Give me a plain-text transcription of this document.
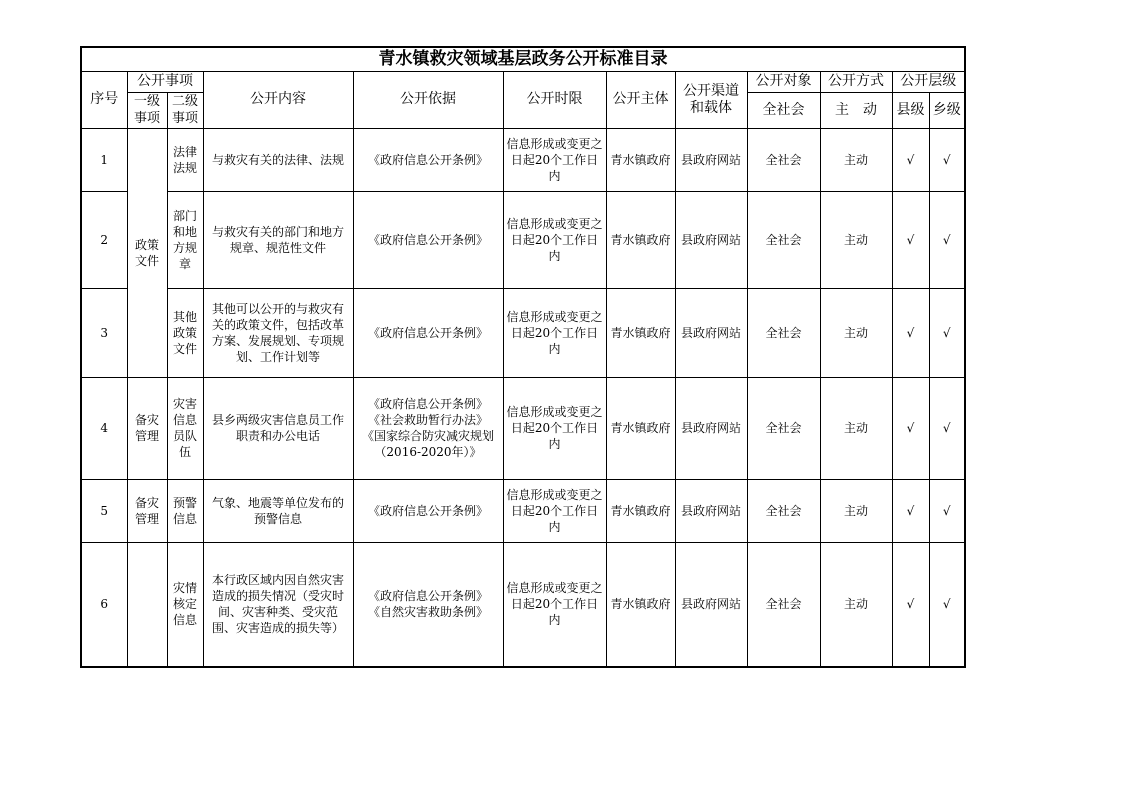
青水镇救灾领域基层政务公开标准目录											
序号	公开事项		公开内容	公开依据	公开时限	公开主体	公开渠道和载体	公开对象	公开方式	公开层级	
	一级事项	二级事项						全社会	主　动	县级	乡级

1	政策文件	法律法规	与救灾有关的法律、法规	《政府信息公开条例》	信息形成或变更之日起20个工作日内	青水镇政府	县政府网站	全社会	主动	√	√
2		部门和地方规章	与救灾有关的部门和地方规章、规范性文件	《政府信息公开条例》	信息形成或变更之日起20个工作日内	青水镇政府	县政府网站	全社会	主动	√	√
3		其他政策文件	其他可以公开的与救灾有关的政策文件，包括改革方案、发展规划、专项规划、工作计划等	《政府信息公开条例》	信息形成或变更之日起20个工作日内	青水镇政府	县政府网站	全社会	主动	√	√
4	备灾管理	灾害信息员队伍	县乡两级灾害信息员工作职责和办公电话	《政府信息公开条例》
《社会救助暂行办法》
《国家综合防灾减灾规划（2016-2020年）》	信息形成或变更之日起20个工作日内	青水镇政府	县政府网站	全社会	主动	√	√
5	备灾管理	预警信息	气象、地震等单位发布的预警信息	《政府信息公开条例》	信息形成或变更之日起20个工作日内	青水镇政府	县政府网站	全社会	主动	√	√
6		灾情核定信息	本行政区域内因自然灾害造成的损失情况（受灾时间、灾害种类、受灾范围、灾害造成的损失等）	《政府信息公开条例》
《自然灾害救助条例》	信息形成或变更之日起20个工作日内	青水镇政府	县政府网站	全社会	主动	√	√
